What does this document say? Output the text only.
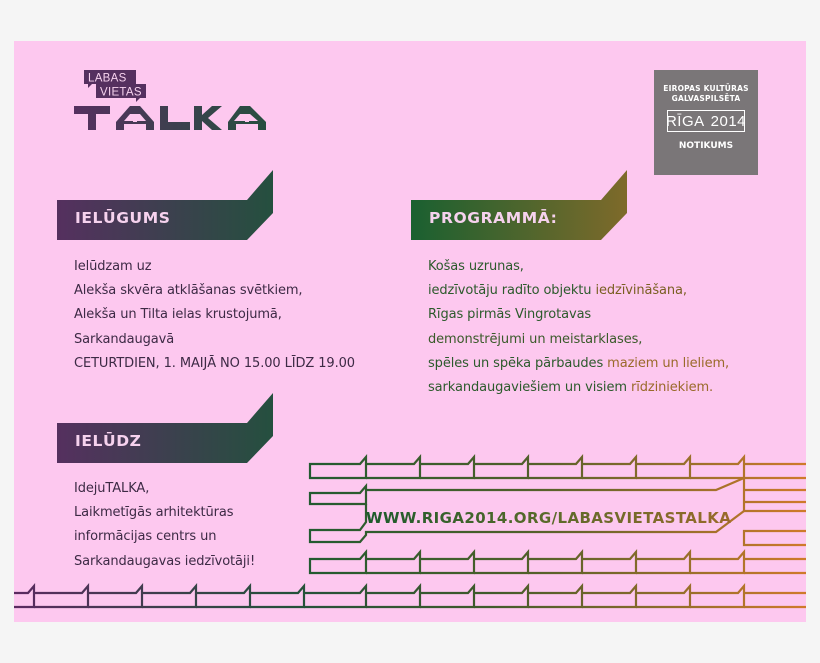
LABAS
VIETAS	EIROPAS KULTŪRAS
GALVASPILSĒTA
RĪGA 2014
NOTIKUMS
IELŪGUMS	PROGRAMMĀ:
IELŪDZ
Ielūdzam uz
Alekša skvēra atklāšanas svētkiem,
Alekša un Tilta ielas krustojumā,
Sarkandaugavā
CETURTDIEN, 1. MAIJĀ NO 15.00 LĪDZ 19.00
Košas uzrunas,
iedzīvotāju radīto objektu iedzīvināšana,
Rīgas pirmās Vingrotavas
demonstrējumi un meistarklases,
spēles un spēka pārbaudes maziem un lieliem,
sarkandaugaviešiem un visiem rīdziniekiem.
IdejuTALKA,
Laikmetīgās arhitektūras
informācijas centrs un
Sarkandaugavas iedzīvotāji!
WWW.RIGA2014.ORG/LABASVIETASTALKA
